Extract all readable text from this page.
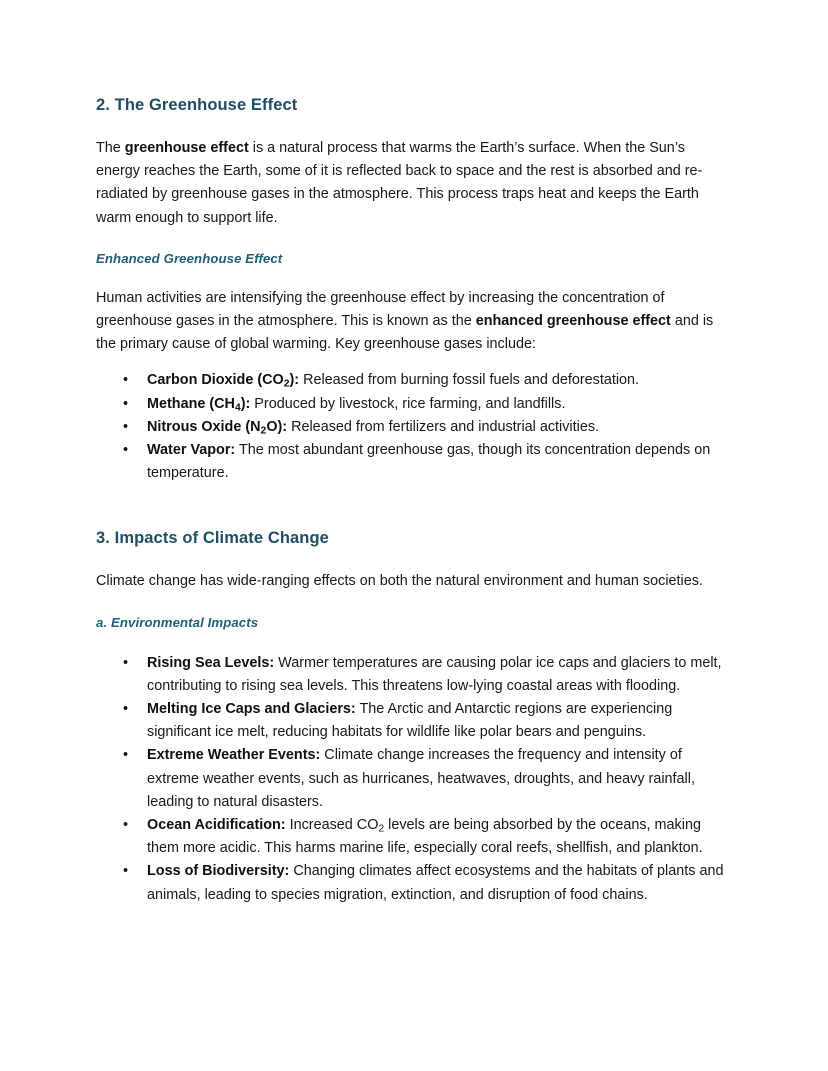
2. The Greenhouse Effect

The greenhouse effect is a natural process that warms the Earth’s surface. When the Sun’s energy reaches the Earth, some of it is reflected back to space and the rest is absorbed and re-radiated by greenhouse gases in the atmosphere. This process traps heat and keeps the Earth warm enough to support life.

Enhanced Greenhouse Effect

Human activities are intensifying the greenhouse effect by increasing the concentration of greenhouse gases in the atmosphere. This is known as the enhanced greenhouse effect and is the primary cause of global warming. Key greenhouse gases include:

• Carbon Dioxide $(CO_2)$: Released from burning fossil fuels and deforestation.
• Methane $(CH_4)$: Produced by livestock, rice farming, and landfills.
• Nitrous Oxide $(N_2O)$: Released from fertilizers and industrial activities.
• Water Vapor: The most abundant greenhouse gas, though its concentration depends on temperature.
3. Impacts of Climate Change

Climate change has wide-ranging effects on both the natural environment and human societies.

a. Environmental Impacts
• Rising Sea Levels: Warmer temperatures are causing polar ice caps and glaciers to melt, contributing to rising sea levels. This threatens low-lying coastal areas with flooding.
• Melting Ice Caps and Glaciers: The Arctic and Antarctic regions are experiencing significant ice melt, reducing habitats for wildlife like polar bears and penguins.
• Extreme Weather Events: Climate change increases the frequency and intensity of extreme weather events, such as hurricanes, heatwaves, droughts, and heavy rainfall, leading to natural disasters.
• Ocean Acidification: Increased $CO_2$ levels are being absorbed by the oceans, making them more acidic. This harms marine life, especially coral reefs, shellfish, and plankton.
• Loss of Biodiversity: Changing climates affect ecosystems and the habitats of plants and animals, leading to species migration, extinction, and disruption of food chains.
